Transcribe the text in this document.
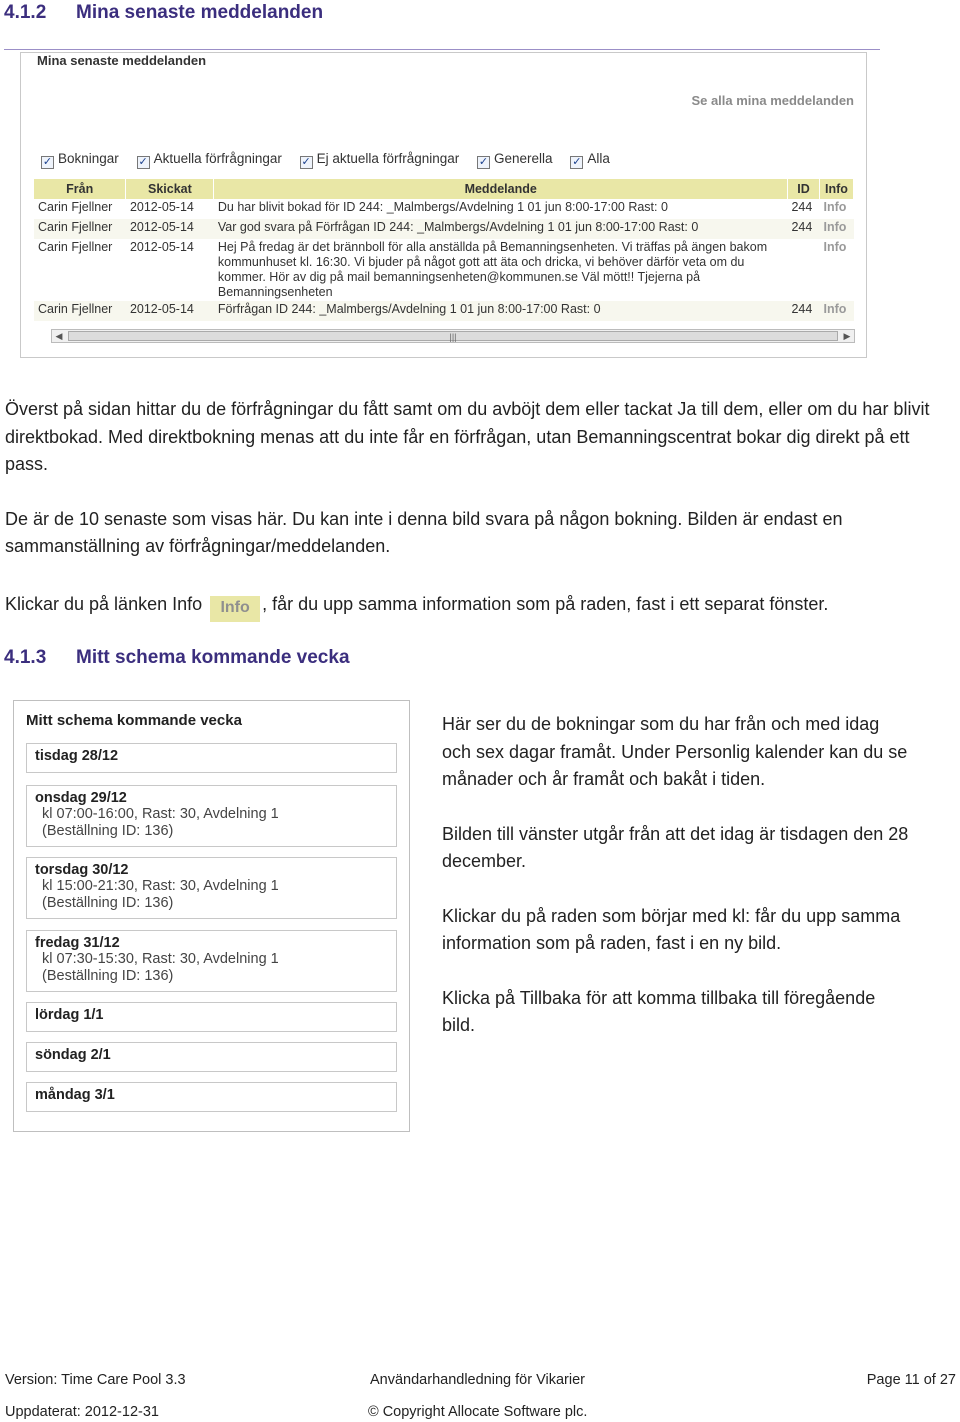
4.1.2 Mina senaste meddelanden
Mina senaste meddelanden
Se alla mina meddelanden
✓ Bokningar ✓ Aktuella förfrågningar ✓ Ej aktuella förfrågningar ✓ Generella ✓ Alla
Från	Skickat	Meddelande	ID	Info
Carin Fjellner	2012-05-14	Du har blivit bokad för ID 244: _Malmbergs/Avdelning 1 01 jun 8:00-17:00 Rast: 0	244	Info
Carin Fjellner	2012-05-14	Var god svara på Förfrågan ID 244: _Malmbergs/Avdelning 1 01 jun 8:00-17:00 Rast: 0	244	Info
Carin Fjellner	2012-05-14	Hej På fredag är det brännboll för alla anställda på Bemanningsenheten. Vi träffas på ängen bakom kommunhuset kl. 16:30. Vi bjuder på något gott att äta och dricka, vi behöver därför veta om du kommer. Hör av dig på mail bemanningsenheten@kommunen.se Väl mött!! Tjejerna på Bemanningsenheten		Info
Carin Fjellner	2012-05-14	Förfrågan ID 244: _Malmbergs/Avdelning 1 01 jun 8:00-17:00 Rast: 0	244	Info
◀	|||	▶

Överst på sidan hittar du de förfrågningar du fått samt om du avböjt dem eller tackat Ja till dem, eller om du har blivit direktbokad. Med direktbokning menas att du inte får en förfrågan, utan Bemanningscentrat bokar dig direkt på ett pass.

De är de 10 senaste som visas här. Du kan inte i denna bild svara på någon bokning. Bilden är endast en sammanställning av förfrågningar/meddelanden.

Klickar du på länken Info Info , får du upp samma information som på raden, fast i ett separat fönster.
4.1.3 Mitt schema kommande vecka
Mitt schema kommande vecka
tisdag 28/12
onsdag 29/12
kl 07:00-16:00, Rast: 30, Avdelning 1
(Beställning ID: 136)
torsdag 30/12
kl 15:00-21:30, Rast: 30, Avdelning 1
(Beställning ID: 136)
fredag 31/12
kl 07:30-15:30, Rast: 30, Avdelning 1
(Beställning ID: 136)
lördag 1/1
söndag 2/1
måndag 3/1

Här ser du de bokningar som du har från och med idag och sex dagar framåt. Under Personlig kalender kan du se månader och år framåt och bakåt i tiden.

Bilden till vänster utgår från att det idag är tisdagen den 28 december.

Klickar du på raden som börjar med kl: får du upp samma information som på raden, fast i en ny bild.

Klicka på Tillbaka för att komma tillbaka till föregående bild.

Version: Time Care Pool 3.3	Användarhandledning för Vikarier	Page 11 of 27
Uppdaterat: 2012-12-31	© Copyright Allocate Software plc.
